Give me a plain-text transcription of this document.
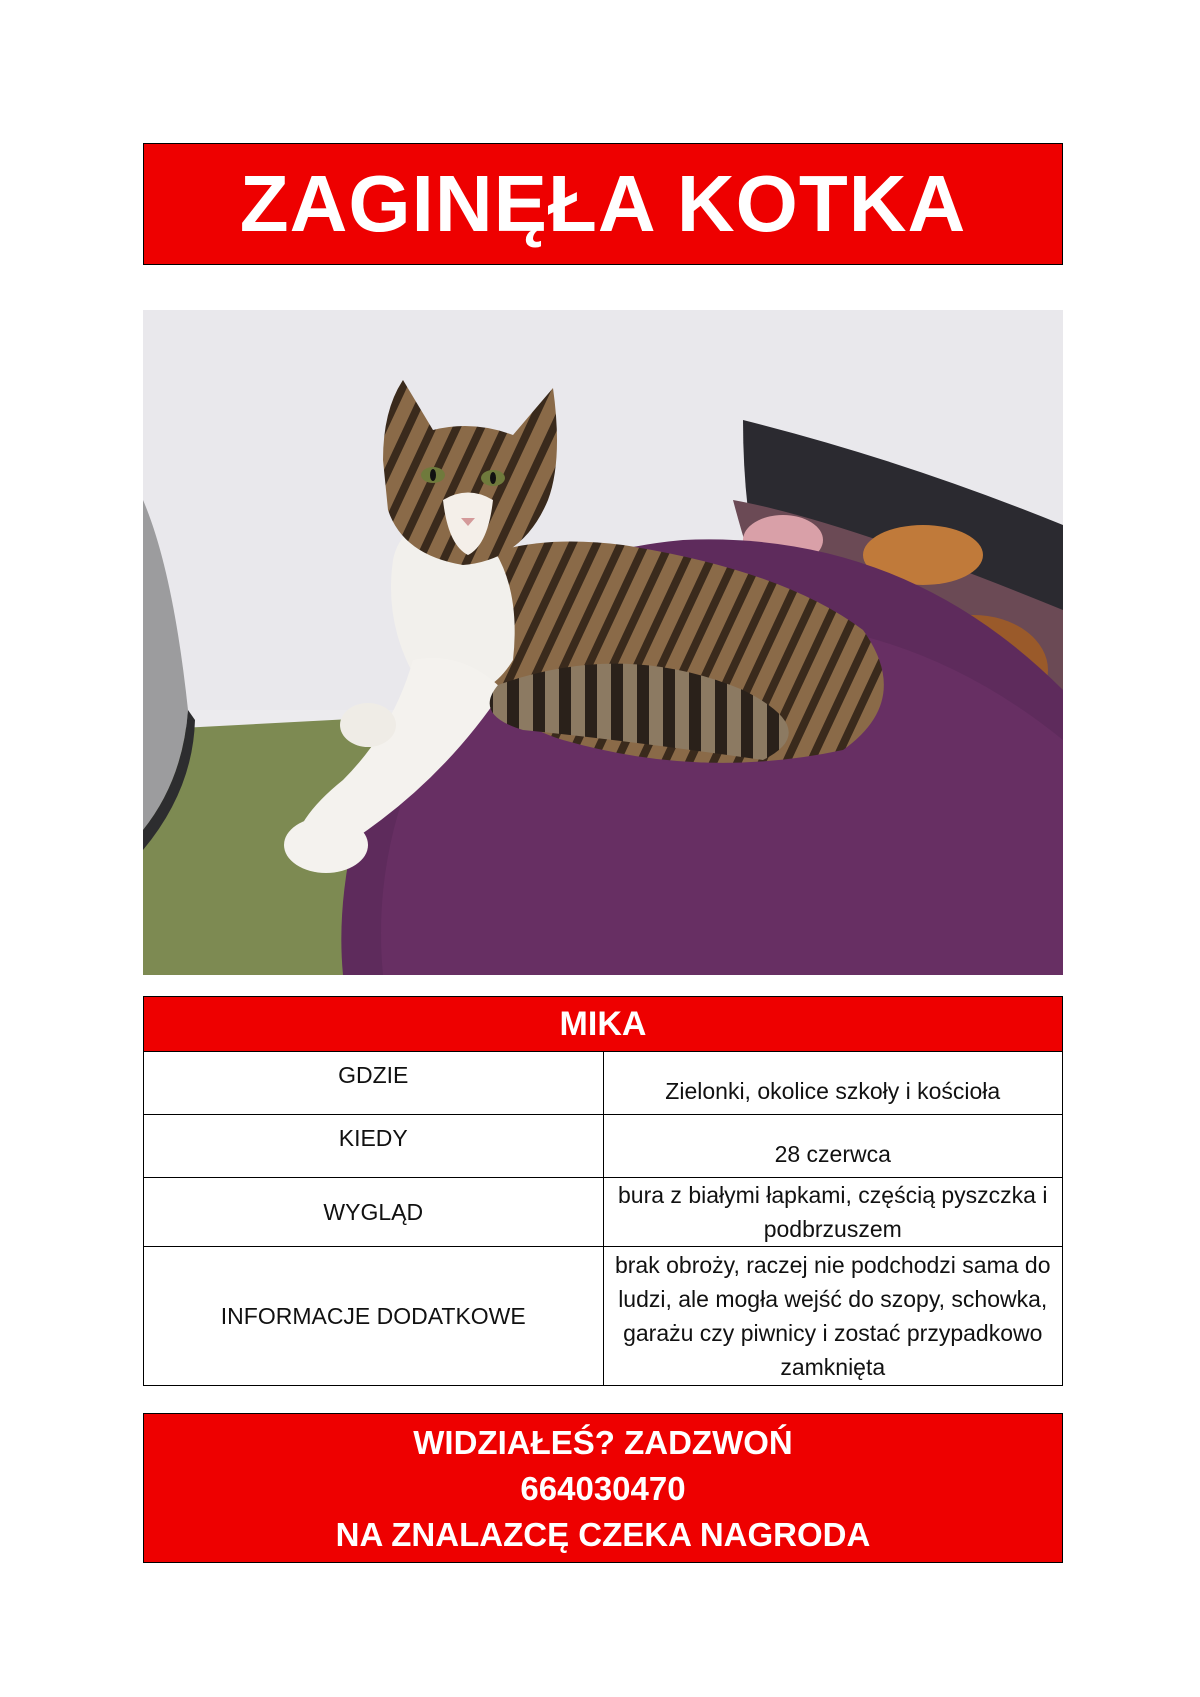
ZAGINĘŁA KOTKA
MIKA	
GDZIE	Zielonki, okolice szkoły i kościoła
KIEDY	28 czerwca
WYGLĄD	bura z białymi łapkami, częścią pyszczka i podbrzuszem
INFORMACJE DODATKOWE	brak obroży, raczej nie podchodzi sama do ludzi, ale mogła wejść do szopy, schowka, garażu czy piwnicy i zostać przypadkowo zamknięta
WIDZIAŁEŚ? ZADZWOŃ
664030470
NA ZNALAZCĘ CZEKA NAGRODA
